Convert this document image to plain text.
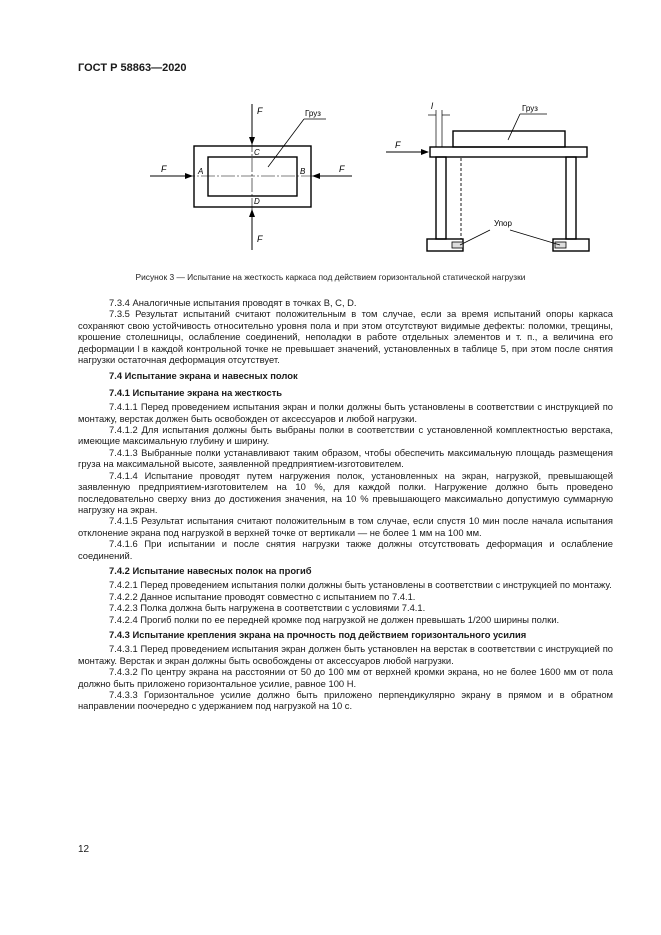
ГОСТ Р 58863—2020
F
F
F	F
A	B
C
D
Груз
F
l	Груз
Упор
Рисунок 3 — Испытание на жесткость каркаса под действием горизонтальной статической нагрузки

7.3.4 Аналогичные испытания проводят в точках B, C, D.

7.3.5 Результат испытаний считают положительным в том случае, если за время испытаний опоры каркаса сохраняют свою устойчивость относительно уровня пола и при этом отсутствуют видимые дефекты: поломки, трещины, крошение столешницы, ослабление соединений, неполадки в работе отдельных элементов и т. п., а величина его деформации l в каждой контрольной точке не превышает значений, установленных в таблице 5, при этом после снятия нагрузки остаточная деформация отсутствует.

7.4 Испытание экрана и навесных полок
7.4.1 Испытание экрана на жесткость

7.4.1.1 Перед проведением испытания экран и полки должны быть установлены в соответствии с инструкцией по монтажу, верстак должен быть освобожден от аксессуаров и любой нагрузки.

7.4.1.2 Для испытания должны быть выбраны полки в соответствии с установленной комплектностью верстака, имеющие максимальную глубину и ширину.

7.4.1.3 Выбранные полки устанавливают таким образом, чтобы обеспечить максимальную площадь размещения груза на максимальной высоте, заявленной предприятием-изготовителем.

7.4.1.4 Испытание проводят путем нагружения полок, установленных на экран, нагрузкой, превышающей заявленную предприятием-изготовителем на 10 %, для каждой полки. Нагружение должно быть проведено последовательно сверху вниз до достижения значения, на 10 % превышающего максимально допустимую суммарную нагрузку на экран.

7.4.1.5 Результат испытания считают положительным в том случае, если спустя 10 мин после начала испытания отклонение экрана под нагрузкой в верхней точке от вертикали — не более 1 мм на 100 мм.

7.4.1.6 При испытании и после снятия нагрузки также должны отсутствовать деформация и ослабление соединений.

7.4.2 Испытание навесных полок на прогиб

7.4.2.1 Перед проведением испытания полки должны быть установлены в соответствии с инструкцией по монтажу.

7.4.2.2 Данное испытание проводят совместно с испытанием по 7.4.1.

7.4.2.3 Полка должна быть нагружена в соответствии с условиями 7.4.1.

7.4.2.4 Прогиб полки по ее передней кромке под нагрузкой не должен превышать 1/200 ширины полки.

7.4.3 Испытание крепления экрана на прочность под действием горизонтального усилия

7.4.3.1 Перед проведением испытания экран должен быть установлен на верстак в соответствии с инструкцией по монтажу. Верстак и экран должны быть освобождены от аксессуаров любой нагрузки.

7.4.3.2 По центру экрана на расстоянии от 50 до 100 мм от верхней кромки экрана, но не более 1600 мм от пола должно быть приложено горизонтальное усилие, равное 100 Н.

7.4.3.3 Горизонтальное усилие должно быть приложено перпендикулярно экрану в прямом и в обратном направлении поочередно с удержанием под нагрузкой на 10 с.

12
